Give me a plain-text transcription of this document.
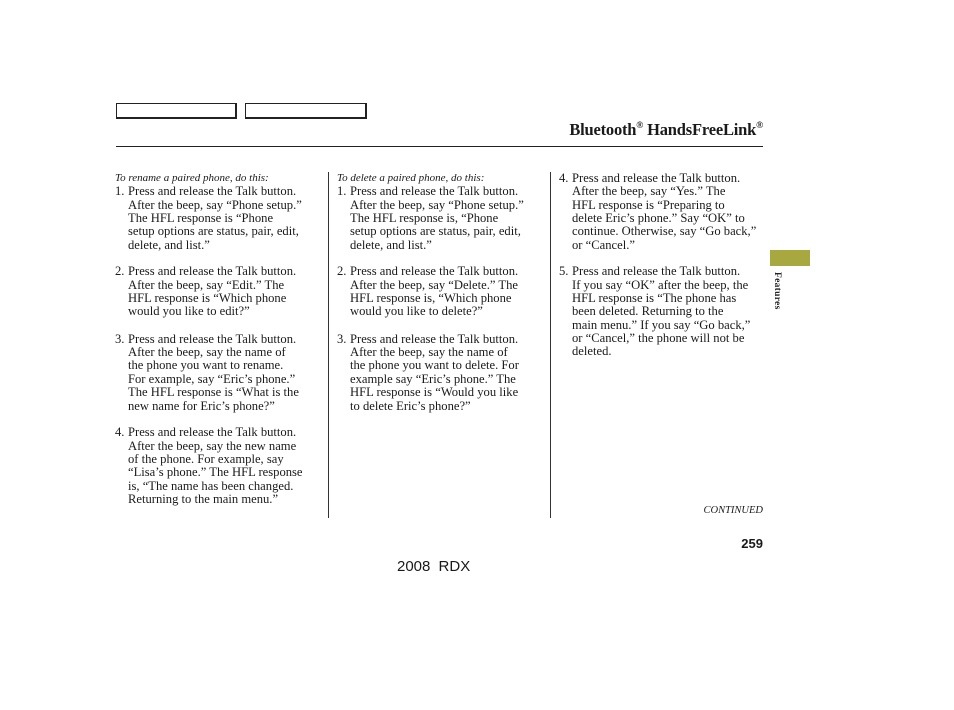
Bluetooth® HandsFreeLink®
To rename a paired phone, do this:
1. Press and release the Talk button.
After the beep, say “Phone setup.”
The HFL response is “Phone
setup options are status, pair, edit,
delete, and list.”
2. Press and release the Talk button.
After the beep, say “Edit.” The
HFL response is “Which phone
would you like to edit?”
3. Press and release the Talk button.
After the beep, say the name of
the phone you want to rename.
For example, say “Eric’s phone.”
The HFL response is “What is the
new name for Eric’s phone?”
4. Press and release the Talk button.
After the beep, say the new name
of the phone. For example, say
“Lisa’s phone.” The HFL response
is, “The name has been changed.
Returning to the main menu.”
To delete a paired phone, do this:
1. Press and release the Talk button.
After the beep, say “Phone setup.”
The HFL response is, “Phone
setup options are status, pair, edit,
delete, and list.”
2. Press and release the Talk button.
After the beep, say “Delete.” The
HFL response is, “Which phone
would you like to delete?”
3. Press and release the Talk button.
After the beep, say the name of
the phone you want to delete. For
example say “Eric’s phone.” The
HFL response is “Would you like
to delete Eric’s phone?”
4. Press and release the Talk button.
After the beep, say “Yes.” The
HFL response is “Preparing to
delete Eric’s phone.” Say “OK” to
continue. Otherwise, say “Go back,”
or “Cancel.”
5. Press and release the Talk button.
If you say “OK” after the beep, the
HFL response is “The phone has
been deleted. Returning to the
main menu.” If you say “Go back,”
or “Cancel,” the phone will not be
deleted.
Features
CONTINUED
259
2008 RDX
